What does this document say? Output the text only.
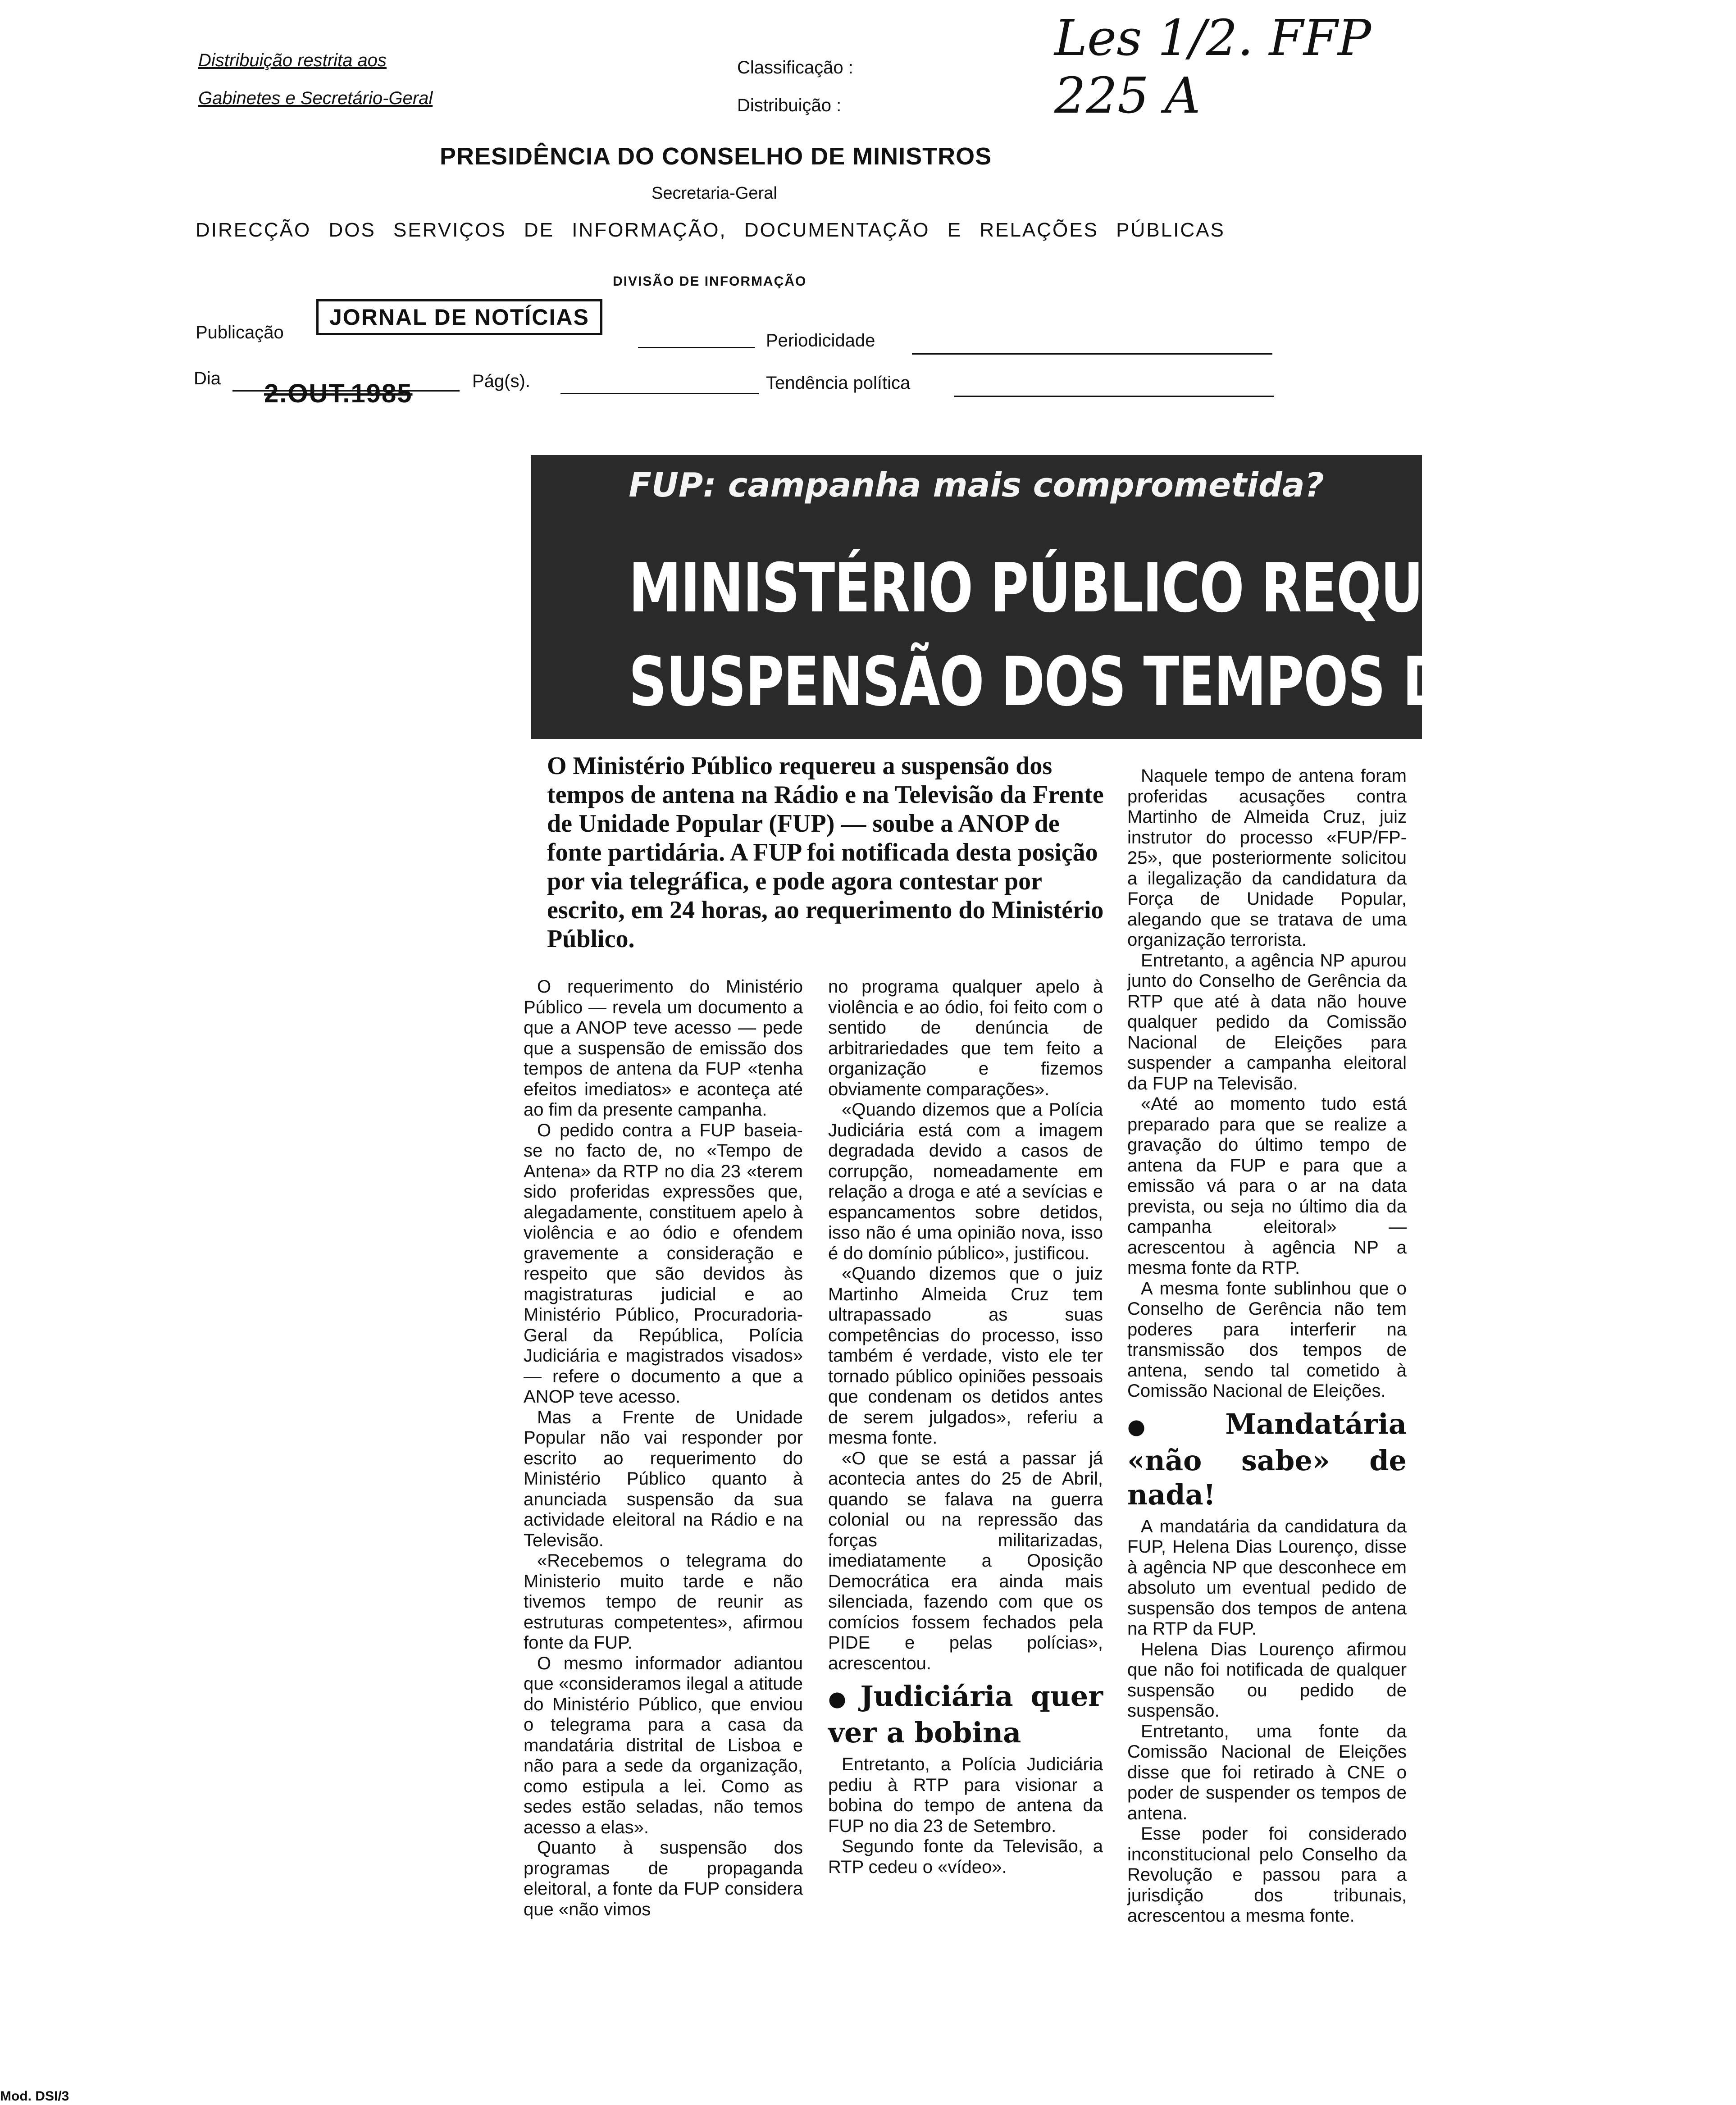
Distribuição restrita aos
Gabinetes e Secretário-Geral
Classificação :
Distribuição :
Les 1/2. FFP 225 A
PRESIDÊNCIA DO CONSELHO DE MINISTROS
Secretaria-Geral
DIRECÇÃO DOS SERVIÇOS DE INFORMAÇÃO, DOCUMENTAÇÃO E RELAÇÕES PÚBLICAS
DIVISÃO DE INFORMAÇÃO
Publicação
JORNAL DE NOTÍCIAS
Periodicidade
Dia
2.OUT.1985	Pág(s).	Tendência política
FUP: campanha mais comprometida?
MINISTÉRIO PÚBLICO REQUEREU
SUSPENSÃO DOS TEMPOS DE ANTENA
O Ministério Público requereu a suspensão dos tempos de antena na Rádio e na Televisão da Frente de Unidade Popular (FUP) — soube a ANOP de fonte partidária. A FUP foi notificada desta posição por via telegráfica, e pode agora contestar por escrito, em 24 horas, ao requerimento do Ministério Público.

O requerimento do Ministério Público — revela um documento a que a ANOP teve acesso — pede que a suspensão de emissão dos tempos de antena da FUP «tenha efeitos imediatos» e aconteça até ao fim da presente campanha.

O pedido contra a FUP baseia-se no facto de, no «Tempo de Antena» da RTP no dia 23 «terem sido proferidas expressões que, alegadamente, constituem apelo à violência e ao ódio e ofendem gravemente a consideração e respeito que são devidos às magistraturas judicial e ao Ministério Público, Procuradoria-Geral da República, Polícia Judiciária e magistrados visados» — refere o documento a que a ANOP teve acesso.

Mas a Frente de Unidade Popular não vai responder por escrito ao requerimento do Ministério Público quanto à anunciada suspensão da sua actividade eleitoral na Rádio e na Televisão.

«Recebemos o telegrama do Ministerio muito tarde e não tivemos tempo de reunir as estruturas competentes», afirmou fonte da FUP.

O mesmo informador adiantou que «consideramos ilegal a atitude do Ministério Público, que enviou o telegrama para a casa da mandatária distrital de Lisboa e não para a sede da organização, como estipula a lei. Como as sedes estão seladas, não temos acesso a elas».

Quanto à suspensão dos programas de propaganda eleitoral, a fonte da FUP considera que «não vimos

no programa qualquer apelo à violência e ao ódio, foi feito com o sentido de denúncia de arbitrariedades que tem feito a organização e fizemos obviamente comparações».

«Quando dizemos que a Polícia Judiciária está com a imagem degradada devido a casos de corrupção, nomeadamente em relação a droga e até a sevícias e espancamentos sobre detidos, isso não é uma opinião nova, isso é do domínio público», justificou.

«Quando dizemos que o juiz Martinho Almeida Cruz tem ultrapassado as suas competências do processo, isso também é verdade, visto ele ter tornado público opiniões pessoais que condenam os detidos antes de serem julgados», referiu a mesma fonte.

«O que se está a passar já acontecia antes do 25 de Abril, quando se falava na guerra colonial ou na repressão das forças militarizadas, imediatamente a Oposição Democrática era ainda mais silenciada, fazendo com que os comícios fossem fechados pela PIDE e pelas polícias», acrescentou.

● Judiciária quer ver a bobina

Entretanto, a Polícia Judiciária pediu à RTP para visionar a bobina do tempo de antena da FUP no dia 23 de Setembro.

Segundo fonte da Televisão, a RTP cedeu o «vídeo».

Naquele tempo de antena foram proferidas acusações contra Martinho de Almeida Cruz, juiz instrutor do processo «FUP/FP-25», que posteriormente solicitou a ilegalização da candidatura da Força de Unidade Popular, alegando que se tratava de uma organização terrorista.

Entretanto, a agência NP apurou junto do Conselho de Gerência da RTP que até à data não houve qualquer pedido da Comissão Nacional de Eleições para suspender a campanha eleitoral da FUP na Televisão.

«Até ao momento tudo está preparado para que se realize a gravação do último tempo de antena da FUP e para que a emissão vá para o ar na data prevista, ou seja no último dia da campanha eleitoral» — acrescentou à agência NP a mesma fonte da RTP.

A mesma fonte sublinhou que o Conselho de Gerência não tem poderes para interferir na transmissão dos tempos de antena, sendo tal cometido à Comissão Nacional de Eleições.

● Mandatária «não sabe» de nada!

A mandatária da candidatura da FUP, Helena Dias Lourenço, disse à agência NP que desconhece em absoluto um eventual pedido de suspensão dos tempos de antena na RTP da FUP.

Helena Dias Lourenço afirmou que não foi notificada de qualquer suspensão ou pedido de suspensão.

Entretanto, uma fonte da Comissão Nacional de Eleições disse que foi retirado à CNE o poder de suspender os tempos de antena.

Esse poder foi considerado inconstitucional pelo Conselho da Revolução e passou para a jurisdição dos tribunais, acrescentou a mesma fonte.

Mod. DSI/3
